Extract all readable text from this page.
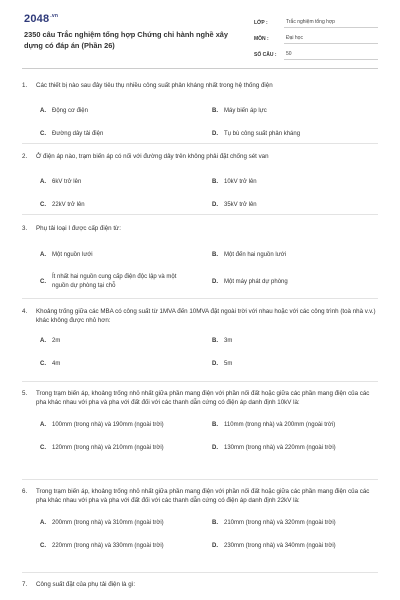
$2048^{.vn}$
2350 câu Trắc nghiệm tổng hợp Chứng chỉ hành nghề xây dựng có đáp án (Phần 26)
LỚP :	Trắc nghiệm tổng hợp
MÔN :	Đại học
SỐ CÂU :	50
1.	Các thiết bị nào sau đây tiêu thụ nhiều công suất phản kháng nhất trong hệ thống điện
A.	Động cơ điện	B.	Máy biến áp lực
C.	Đường dây tải điện	D.	Tụ bù công suất phản kháng
2.	Ở điện áp nào, trạm biến áp có nối với đường dây trên không phải đặt chống sét van
A.	6kV trở lên	B.	10kV trở lên
C.	22kV trở lên	D.	35kV trở lên
3.	Phụ tải loại I được cấp điện từ:
A.	Một nguồn lưới	B.	Một đến hai nguồn lưới
C.
Ít nhất hai nguồn cung cấp điện độc lập và một nguồn dự phòng tại chỗ
D.	Một máy phát dự phòng
4.	Khoảng trống giữa các MBA có công suất từ 1MVA đến 10MVA đặt ngoài trời với nhau hoặc với các công trình (toà nhà v.v.) khác không được nhỏ hơn:
A.	2m	B.	3m
C.	4m	D.	5m
5.	Trong trạm biến áp, khoảng trống nhỏ nhất giữa phần mang điện với phần nối đất hoặc giữa các phần mang điện của các pha khác nhau với pha và pha với đất đối với các thanh dẫn cứng có điện áp danh định 10kV là:
A.	100mm (trong nhà) và 190mm (ngoài trời)	B.	110mm (trong nhà) và 200mm (ngoài trời)
C.	120mm (trong nhà) và 210mm (ngoài trời)	D.	130mm (trong nhà) và 220mm (ngoài trời)
6.	Trong trạm biến áp, khoảng trống nhỏ nhất giữa phần mang điện với phần nối đất hoặc giữa các phần mang điện của các pha khác nhau với pha và pha với đất đối với các thanh dẫn cứng có điện áp danh định 22kV là:
A.	200mm (trong nhà) và 310mm (ngoài trời)	B.	210mm (trong nhà) và 320mm (ngoài trời)
C.	220mm (trong nhà) và 330mm (ngoài trời)	D.	230mm (trong nhà) và 340mm (ngoài trời)
7.	Công suất đặt của phụ tải điện là gì:
